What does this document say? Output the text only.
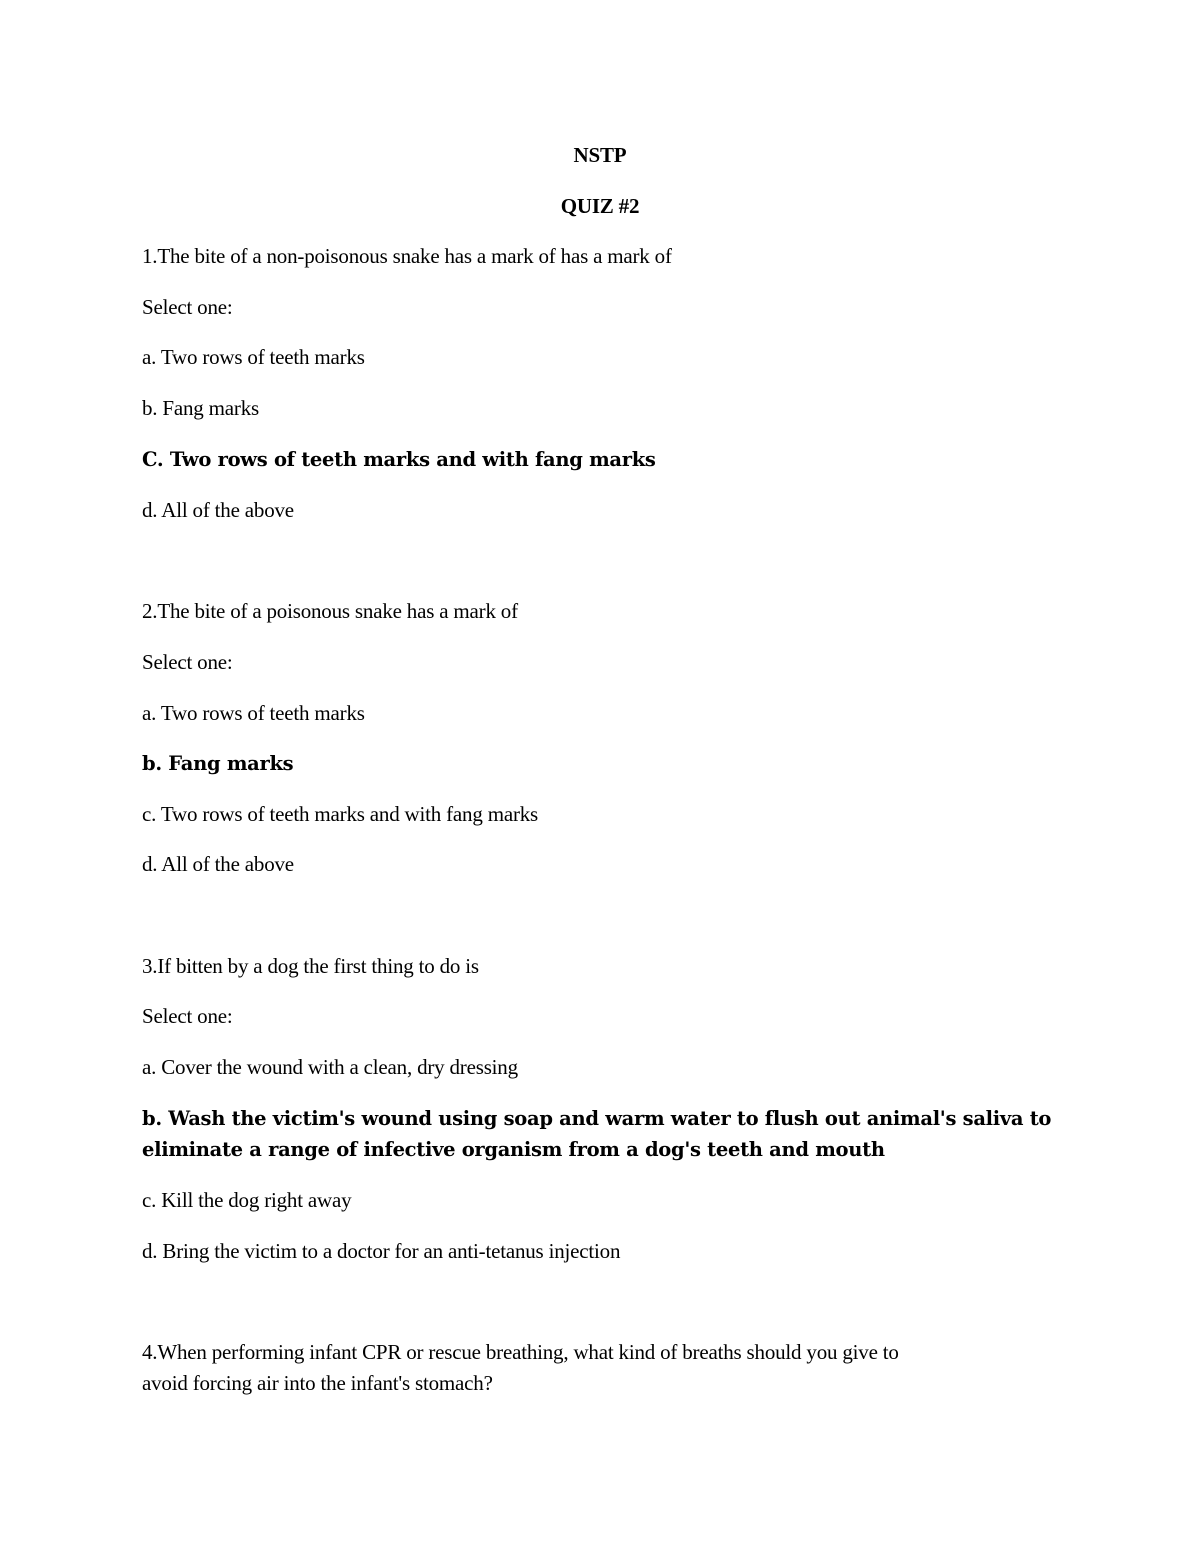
NSTP
QUIZ #2
1.The bite of a non-poisonous snake has a mark of has a mark of
Select one:
a. Two rows of teeth marks
b. Fang marks
C. Two rows of teeth marks and with fang marks
d. All of the above
2.The bite of a poisonous snake has a mark of
Select one:
a. Two rows of teeth marks
b. Fang marks
c. Two rows of teeth marks and with fang marks
d. All of the above
3.If bitten by a dog the first thing to do is
Select one:
a. Cover the wound with a clean, dry dressing
b. Wash the victim's wound using soap and warm water to flush out animal's saliva to
eliminate a range of infective organism from a dog's teeth and mouth
c. Kill the dog right away
d. Bring the victim to a doctor for an anti-tetanus injection
4.When performing infant CPR or rescue breathing, what kind of breaths should you give to
avoid forcing air into the infant's stomach?
